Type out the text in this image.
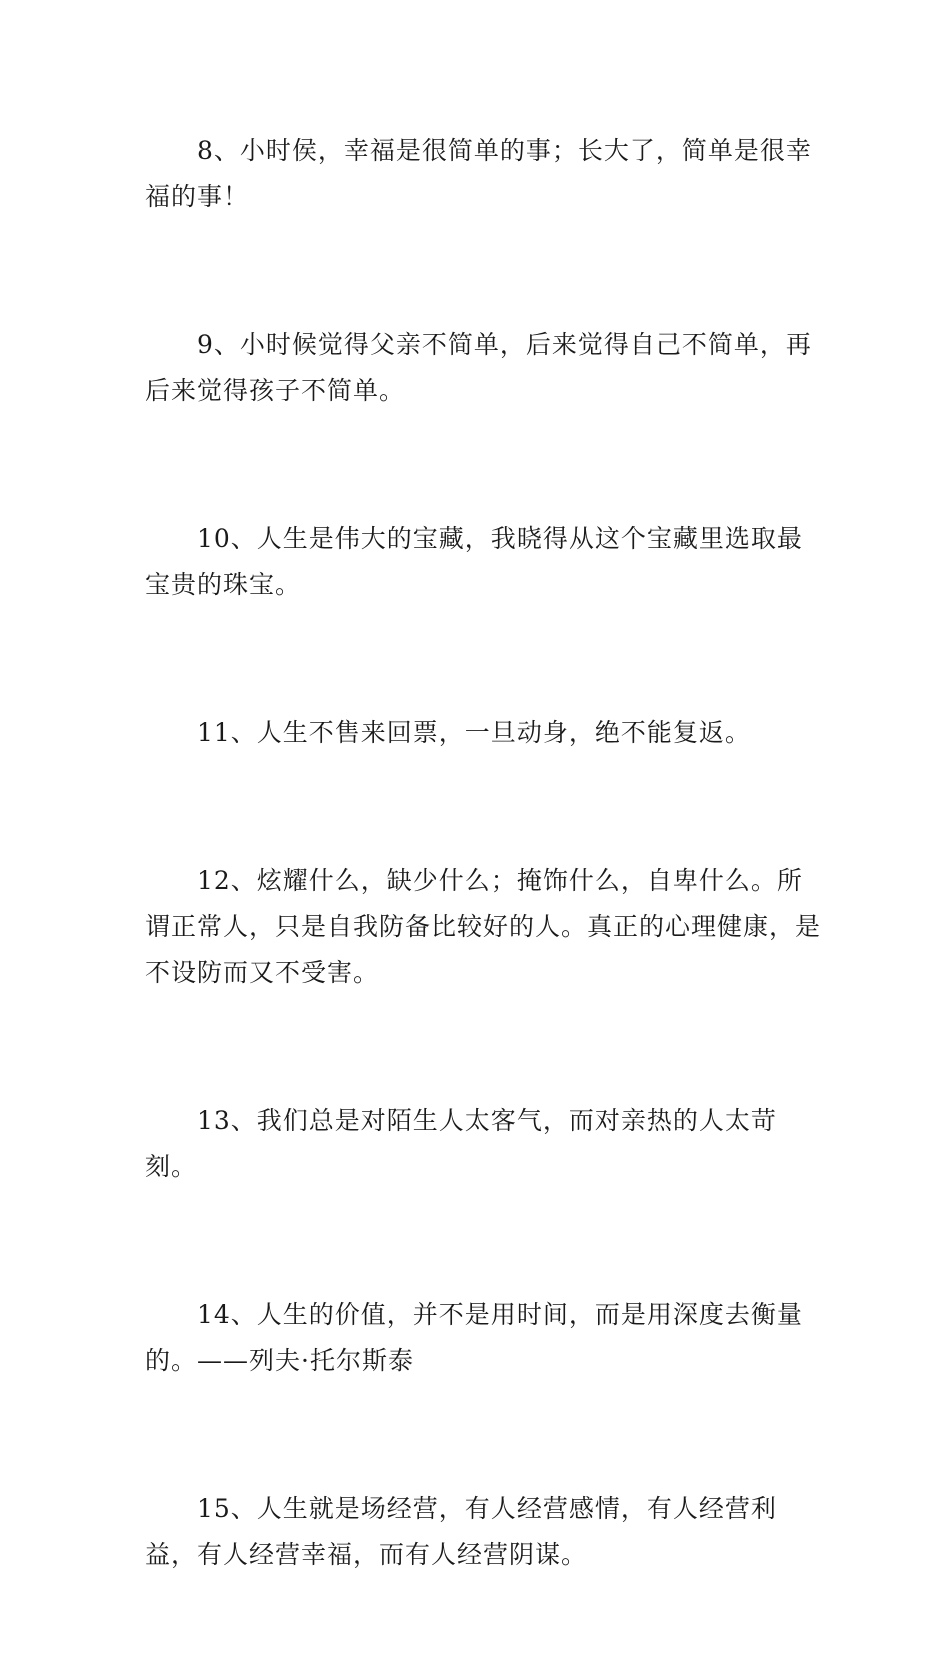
8、小时侯，幸福是很简单的事；长大了，简单是很幸福的事！

9、小时候觉得父亲不简单，后来觉得自己不简单，再后来觉得孩子不简单。

10、人生是伟大的宝藏，我晓得从这个宝藏里选取最宝贵的珠宝。

11、人生不售来回票，一旦动身，绝不能复返。

12、炫耀什么，缺少什么；掩饰什么，自卑什么。所谓正常人，只是自我防备比较好的人。真正的心理健康，是不设防而又不受害。

13、我们总是对陌生人太客气，而对亲热的人太苛刻。

14、人生的价值，并不是用时间，而是用深度去衡量的。——列夫·托尔斯泰

15、人生就是场经营，有人经营感情，有人经营利益，有人经营幸福，而有人经营阴谋。
